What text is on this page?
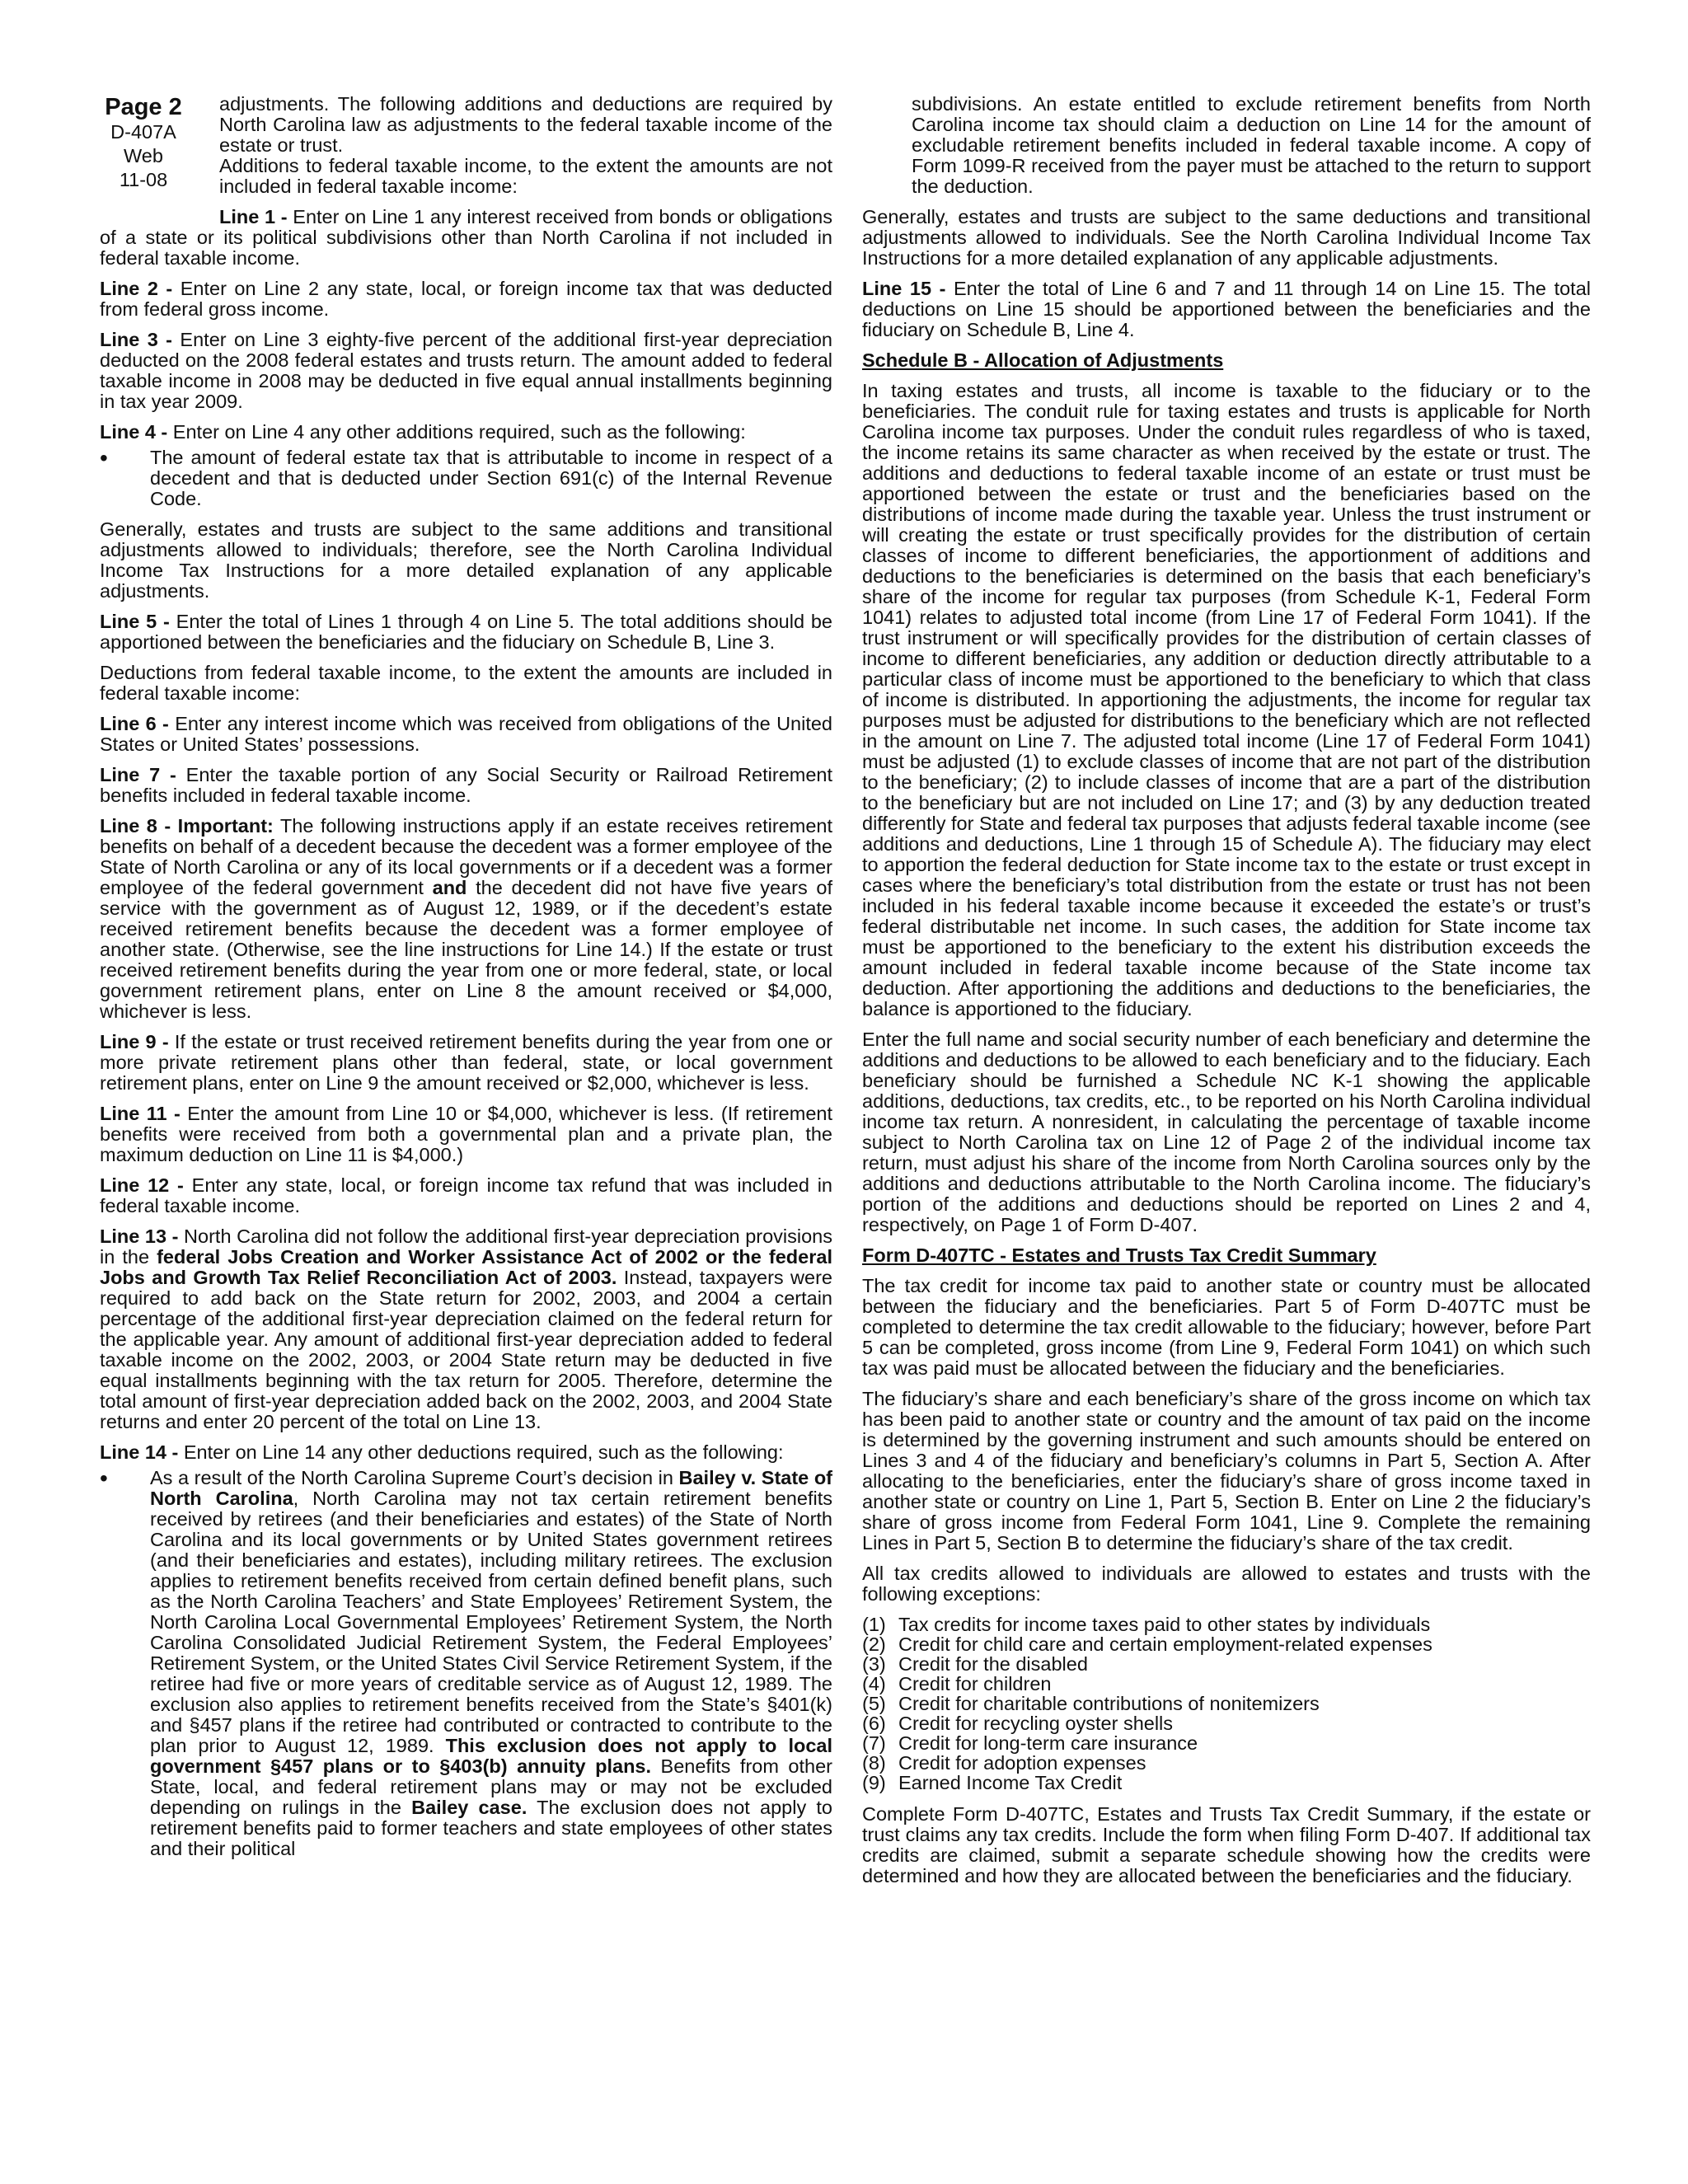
Page 2
D-407A
Web
11-08

adjustments. The following additions and deductions are required by North Carolina law as adjustments to the federal taxable income of the estate or trust.

Additions to federal taxable income, to the extent the amounts are not included in federal taxable income:

Line 1 - Enter on Line 1 any interest received from bonds or obligations of a state or its political subdivisions other than North Carolina if not included in federal taxable income.

Line 2 - Enter on Line 2 any state, local, or foreign income tax that was deducted from federal gross income.

Line 3 - Enter on Line 3 eighty-five percent of the additional first-year depreciation deducted on the 2008 federal estates and trusts return. The amount added to federal taxable income in 2008 may be deducted in five equal annual installments beginning in tax year 2009.

Line 4 - Enter on Line 4 any other additions required, such as the following:

• The amount of federal estate tax that is attributable to income in respect of a decedent and that is deducted under Section 691(c) of the Internal Revenue Code.

Generally, estates and trusts are subject to the same additions and transitional adjustments allowed to individuals; therefore, see the North Carolina Individual Income Tax Instructions for a more detailed explanation of any applicable adjustments.

Line 5 - Enter the total of Lines 1 through 4 on Line 5. The total additions should be apportioned between the beneficiaries and the fiduciary on Schedule B, Line 3.

Deductions from federal taxable income, to the extent the amounts are included in federal taxable income:

Line 6 - Enter any interest income which was received from obligations of the United States or United States’ possessions.

Line 7 - Enter the taxable portion of any Social Security or Railroad Retirement benefits included in federal taxable income.

Line 8 - Important: The following instructions apply if an estate receives retirement benefits on behalf of a decedent because the decedent was a former employee of the State of North Carolina or any of its local governments or if a decedent was a former employee of the federal government and the decedent did not have five years of service with the government as of August 12, 1989, or if the decedent’s estate received retirement benefits because the decedent was a former employee of another state. (Otherwise, see the line instructions for Line 14.) If the estate or trust received retirement benefits during the year from one or more federal, state, or local government retirement plans, enter on Line 8 the amount received or $4,000, whichever is less.

Line 9 - If the estate or trust received retirement benefits during the year from one or more private retirement plans other than federal, state, or local government retirement plans, enter on Line 9 the amount received or $2,000, whichever is less.

Line 11 - Enter the amount from Line 10 or $4,000, whichever is less. (If retirement benefits were received from both a governmental plan and a private plan, the maximum deduction on Line 11 is $4,000.)

Line 12 - Enter any state, local, or foreign income tax refund that was included in federal taxable income.

Line 13 - North Carolina did not follow the additional first-year depreciation provisions in the federal Jobs Creation and Worker Assistance Act of 2002 or the federal Jobs and Growth Tax Relief Reconciliation Act of 2003. Instead, taxpayers were required to add back on the State return for 2002, 2003, and 2004 a certain percentage of the additional first-year depreciation claimed on the federal return for the applicable year. Any amount of additional first-year depreciation added to federal taxable income on the 2002, 2003, or 2004 State return may be deducted in five equal installments beginning with the tax return for 2005. Therefore, determine the total amount of first-year depreciation added back on the 2002, 2003, and 2004 State returns and enter 20 percent of the total on Line 13.

Line 14 - Enter on Line 14 any other deductions required, such as the following:

• As a result of the North Carolina Supreme Court’s decision in Bailey v. State of North Carolina, North Carolina may not tax certain retirement benefits received by retirees (and their beneficiaries and estates) of the State of North Carolina and its local governments or by United States government retirees (and their beneficiaries and estates), including military retirees. The exclusion applies to retirement benefits received from certain defined benefit plans, such as the North Carolina Teachers’ and State Employees’ Retirement System, the North Carolina Local Governmental Employees’ Retirement System, the North Carolina Consolidated Judicial Retirement System, the Federal Employees’ Retirement System, or the United States Civil Service Retirement System, if the retiree had five or more years of creditable service as of August 12, 1989. The exclusion also applies to retirement benefits received from the State’s §401(k) and §457 plans if the retiree had contributed or contracted to contribute to the plan prior to August 12, 1989. This exclusion does not apply to local government §457 plans or to §403(b) annuity plans. Benefits from other State, local, and federal retirement plans may or may not be excluded depending on rulings in the Bailey case. The exclusion does not apply to retirement benefits paid to former teachers and state employees of other states and their political

subdivisions. An estate entitled to exclude retirement benefits from North Carolina income tax should claim a deduction on Line 14 for the amount of excludable retirement benefits included in federal taxable income. A copy of Form 1099-R received from the payer must be attached to the return to support the deduction.

Generally, estates and trusts are subject to the same deductions and transitional adjustments allowed to individuals. See the North Carolina Individual Income Tax Instructions for a more detailed explanation of any applicable adjustments.

Line 15 - Enter the total of Line 6 and 7 and 11 through 14 on Line 15. The total deductions on Line 15 should be apportioned between the beneficiaries and the fiduciary on Schedule B, Line 4.

Schedule B - Allocation of Adjustments

In taxing estates and trusts, all income is taxable to the fiduciary or to the beneficiaries. The conduit rule for taxing estates and trusts is applicable for North Carolina income tax purposes. Under the conduit rules regardless of who is taxed, the income retains its same character as when received by the estate or trust. The additions and deductions to federal taxable income of an estate or trust must be apportioned between the estate or trust and the beneficiaries based on the distributions of income made during the taxable year. Unless the trust instrument or will creating the estate or trust specifically provides for the distribution of certain classes of income to different beneficiaries, the apportionment of additions and deductions to the beneficiaries is determined on the basis that each beneficiary’s share of the income for regular tax purposes (from Schedule K-1, Federal Form 1041) relates to adjusted total income (from Line 17 of Federal Form 1041). If the trust instrument or will specifically provides for the distribution of certain classes of income to different beneficiaries, any addition or deduction directly attributable to a particular class of income must be apportioned to the beneficiary to which that class of income is distributed. In apportioning the adjustments, the income for regular tax purposes must be adjusted for distributions to the beneficiary which are not reflected in the amount on Line 7. The adjusted total income (Line 17 of Federal Form 1041) must be adjusted (1) to exclude classes of income that are not part of the distribution to the beneficiary; (2) to include classes of income that are a part of the distribution to the beneficiary but are not included on Line 17; and (3) by any deduction treated differently for State and federal tax purposes that adjusts federal taxable income (see additions and deductions, Line 1 through 15 of Schedule A). The fiduciary may elect to apportion the federal deduction for State income tax to the estate or trust except in cases where the beneficiary’s total distribution from the estate or trust has not been included in his federal taxable income because it exceeded the estate’s or trust’s federal distributable net income. In such cases, the addition for State income tax must be apportioned to the beneficiary to the extent his distribution exceeds the amount included in federal taxable income because of the State income tax deduction. After apportioning the additions and deductions to the beneficiaries, the balance is apportioned to the fiduciary.

Enter the full name and social security number of each beneficiary and determine the additions and deductions to be allowed to each beneficiary and to the fiduciary. Each beneficiary should be furnished a Schedule NC K-1 showing the applicable additions, deductions, tax credits, etc., to be reported on his North Carolina individual income tax return. A nonresident, in calculating the percentage of taxable income subject to North Carolina tax on Line 12 of Page 2 of the individual income tax return, must adjust his share of the income from North Carolina sources only by the additions and deductions attributable to the North Carolina income. The fiduciary’s portion of the additions and deductions should be reported on Lines 2 and 4, respectively, on Page 1 of Form D-407.

Form D-407TC - Estates and Trusts Tax Credit Summary

The tax credit for income tax paid to another state or country must be allocated between the fiduciary and the beneficiaries. Part 5 of Form D-407TC must be completed to determine the tax credit allowable to the fiduciary; however, before Part 5 can be completed, gross income (from Line 9, Federal Form 1041) on which such tax was paid must be allocated between the fiduciary and the beneficiaries.

The fiduciary’s share and each beneficiary’s share of the gross income on which tax has been paid to another state or country and the amount of tax paid on the income is determined by the governing instrument and such amounts should be entered on Lines 3 and 4 of the fiduciary and beneficiary’s columns in Part 5, Section A. After allocating to the beneficiaries, enter the fiduciary’s share of gross income taxed in another state or country on Line 1, Part 5, Section B. Enter on Line 2 the fiduciary’s share of gross income from Federal Form 1041, Line 9. Complete the remaining Lines in Part 5, Section B to determine the fiduciary’s share of the tax credit.

All tax credits allowed to individuals are allowed to estates and trusts with the following exceptions:

(1) Tax credits for income taxes paid to other states by individuals
(2) Credit for child care and certain employment-related expenses
(3) Credit for the disabled
(4) Credit for children
(5) Credit for charitable contributions of nonitemizers
(6) Credit for recycling oyster shells
(7) Credit for long-term care insurance
(8) Credit for adoption expenses
(9) Earned Income Tax Credit

Complete Form D-407TC, Estates and Trusts Tax Credit Summary, if the estate or trust claims any tax credits. Include the form when filing Form D-407. If additional tax credits are claimed, submit a separate schedule showing how the credits were determined and how they are allocated between the beneficiaries and the fiduciary.
